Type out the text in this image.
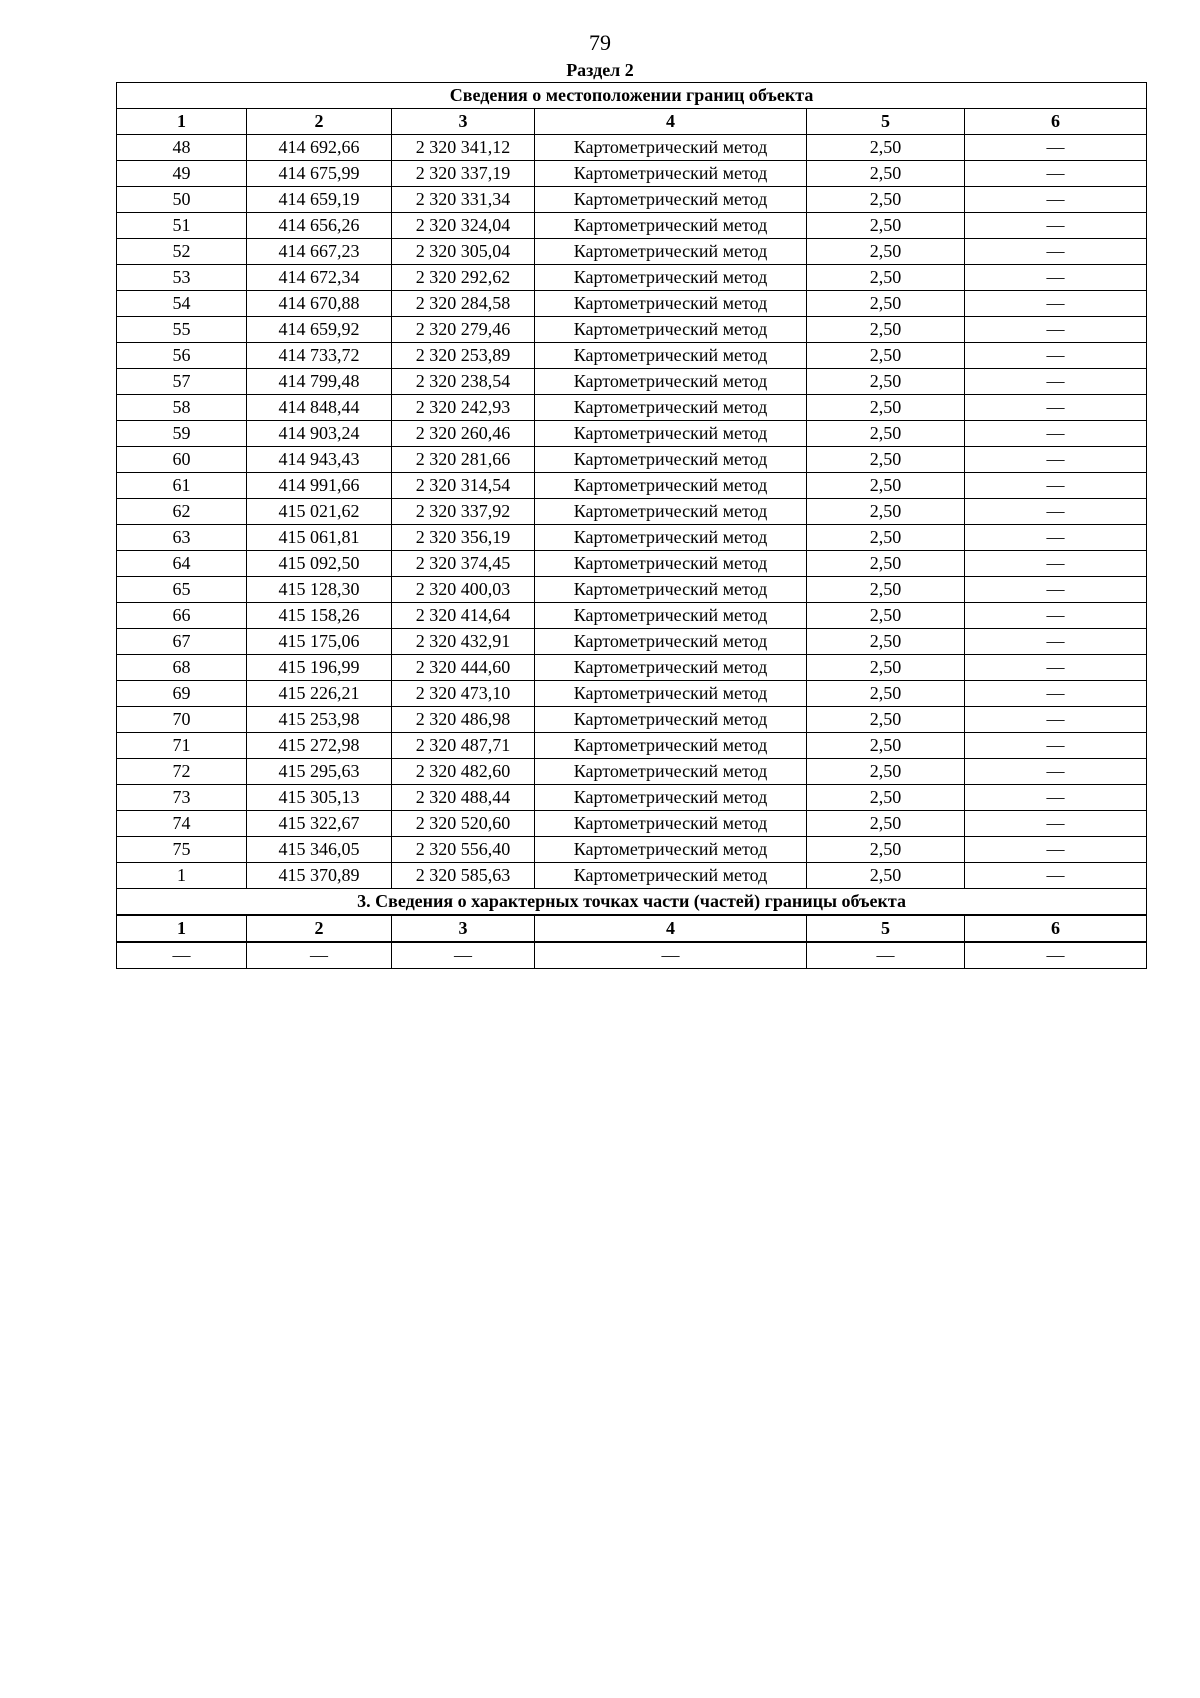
79
Раздел 2
Сведения о местоположении границ объекта					
1	2	3	4	5	6
48	414 692,66	2 320 341,12	Картометрический метод	2,50	—
49	414 675,99	2 320 337,19	Картометрический метод	2,50	—
50	414 659,19	2 320 331,34	Картометрический метод	2,50	—
51	414 656,26	2 320 324,04	Картометрический метод	2,50	—
52	414 667,23	2 320 305,04	Картометрический метод	2,50	—
53	414 672,34	2 320 292,62	Картометрический метод	2,50	—
54	414 670,88	2 320 284,58	Картометрический метод	2,50	—
55	414 659,92	2 320 279,46	Картометрический метод	2,50	—
56	414 733,72	2 320 253,89	Картометрический метод	2,50	—
57	414 799,48	2 320 238,54	Картометрический метод	2,50	—
58	414 848,44	2 320 242,93	Картометрический метод	2,50	—
59	414 903,24	2 320 260,46	Картометрический метод	2,50	—
60	414 943,43	2 320 281,66	Картометрический метод	2,50	—
61	414 991,66	2 320 314,54	Картометрический метод	2,50	—
62	415 021,62	2 320 337,92	Картометрический метод	2,50	—
63	415 061,81	2 320 356,19	Картометрический метод	2,50	—
64	415 092,50	2 320 374,45	Картометрический метод	2,50	—
65	415 128,30	2 320 400,03	Картометрический метод	2,50	—
66	415 158,26	2 320 414,64	Картометрический метод	2,50	—
67	415 175,06	2 320 432,91	Картометрический метод	2,50	—
68	415 196,99	2 320 444,60	Картометрический метод	2,50	—
69	415 226,21	2 320 473,10	Картометрический метод	2,50	—
70	415 253,98	2 320 486,98	Картометрический метод	2,50	—
71	415 272,98	2 320 487,71	Картометрический метод	2,50	—
72	415 295,63	2 320 482,60	Картометрический метод	2,50	—
73	415 305,13	2 320 488,44	Картометрический метод	2,50	—
74	415 322,67	2 320 520,60	Картометрический метод	2,50	—
75	415 346,05	2 320 556,40	Картометрический метод	2,50	—
1	415 370,89	2 320 585,63	Картометрический метод	2,50	—
3. Сведения о характерных точках части (частей) границы объекта					
1	2	3	4	5	6
—	—	—	—	—	—
